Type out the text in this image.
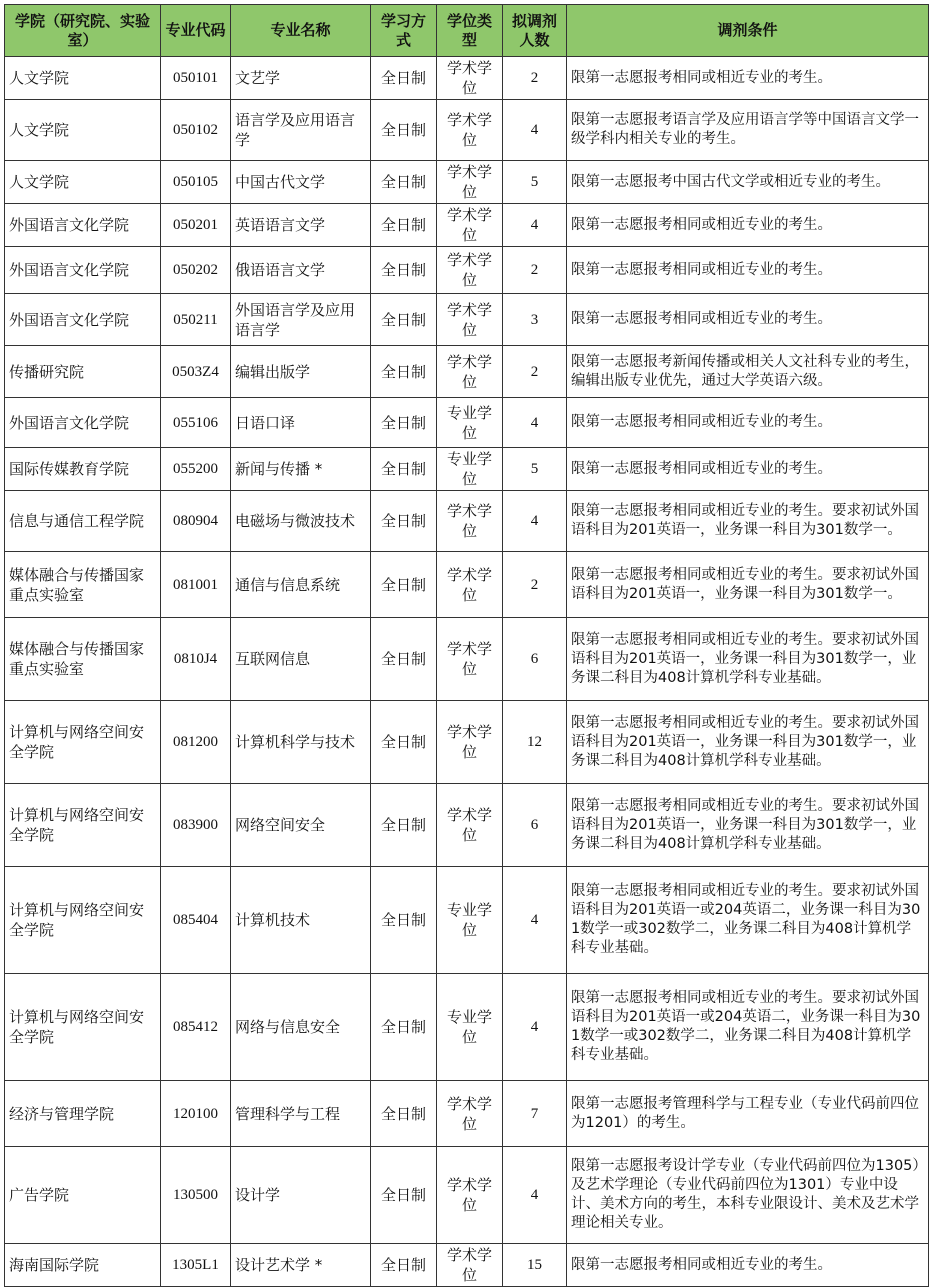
学院（研究院、实验室）	专业代码	专业名称	学习方式	学位类型	拟调剂人数	调剂条件
人文学院	050101	文艺学	全日制	学术学位	2	限第一志愿报考相同或相近专业的考生。
人文学院	050102	语言学及应用语言学	全日制	学术学位	4	限第一志愿报考语言学及应用语言学等中国语言文学一级学科内相关专业的考生。
人文学院	050105	中国古代文学	全日制	学术学位	5	限第一志愿报考中国古代文学或相近专业的考生。
外国语言文化学院	050201	英语语言文学	全日制	学术学位	4	限第一志愿报考相同或相近专业的考生。
外国语言文化学院	050202	俄语语言文学	全日制	学术学位	2	限第一志愿报考相同或相近专业的考生。
外国语言文化学院	050211	外国语言学及应用语言学	全日制	学术学位	3	限第一志愿报考相同或相近专业的考生。
传播研究院	0503Z4	编辑出版学	全日制	学术学位	2	限第一志愿报考新闻传播或相关人文社科专业的考生，编辑出版专业优先，通过大学英语六级。
外国语言文化学院	055106	日语口译	全日制	专业学位	4	限第一志愿报考相同或相近专业的考生。
国际传媒教育学院	055200	新闻与传播 *	全日制	专业学位	5	限第一志愿报考相同或相近专业的考生。
信息与通信工程学院	080904	电磁场与微波技术	全日制	学术学位	4	限第一志愿报考相同或相近专业的考生。要求初试外国语科目为201英语一，业务课一科目为301数学一。
媒体融合与传播国家重点实验室	081001	通信与信息系统	全日制	学术学位	2	限第一志愿报考相同或相近专业的考生。要求初试外国语科目为201英语一，业务课一科目为301数学一。
媒体融合与传播国家重点实验室	0810J4	互联网信息	全日制	学术学位	6	限第一志愿报考相同或相近专业的考生。要求初试外国语科目为201英语一，业务课一科目为301数学一，业务课二科目为408计算机学科专业基础。
计算机与网络空间安全学院	081200	计算机科学与技术	全日制	学术学位	12	限第一志愿报考相同或相近专业的考生。要求初试外国语科目为201英语一，业务课一科目为301数学一，业务课二科目为408计算机学科专业基础。
计算机与网络空间安全学院	083900	网络空间安全	全日制	学术学位	6	限第一志愿报考相同或相近专业的考生。要求初试外国语科目为201英语一，业务课一科目为301数学一，业务课二科目为408计算机学科专业基础。
计算机与网络空间安全学院	085404	计算机技术	全日制	专业学位	4	限第一志愿报考相同或相近专业的考生。要求初试外国语科目为201英语一或204英语二，业务课一科目为301数学一或302数学二，业务课二科目为408计算机学科专业基础。
计算机与网络空间安全学院	085412	网络与信息安全	全日制	专业学位	4	限第一志愿报考相同或相近专业的考生。要求初试外国语科目为201英语一或204英语二，业务课一科目为301数学一或302数学二，业务课二科目为408计算机学科专业基础。
经济与管理学院	120100	管理科学与工程	全日制	学术学位	7	限第一志愿报考管理科学与工程专业（专业代码前四位为1201）的考生。
广告学院	130500	设计学	全日制	学术学位	4	限第一志愿报考设计学专业（专业代码前四位为1305）及艺术学理论（专业代码前四位为1301）专业中设计、美术方向的考生，本科专业限设计、美术及艺术学理论相关专业。
海南国际学院	1305L1	设计艺术学 *	全日制	学术学位	15	限第一志愿报考相同或相近专业的考生。
